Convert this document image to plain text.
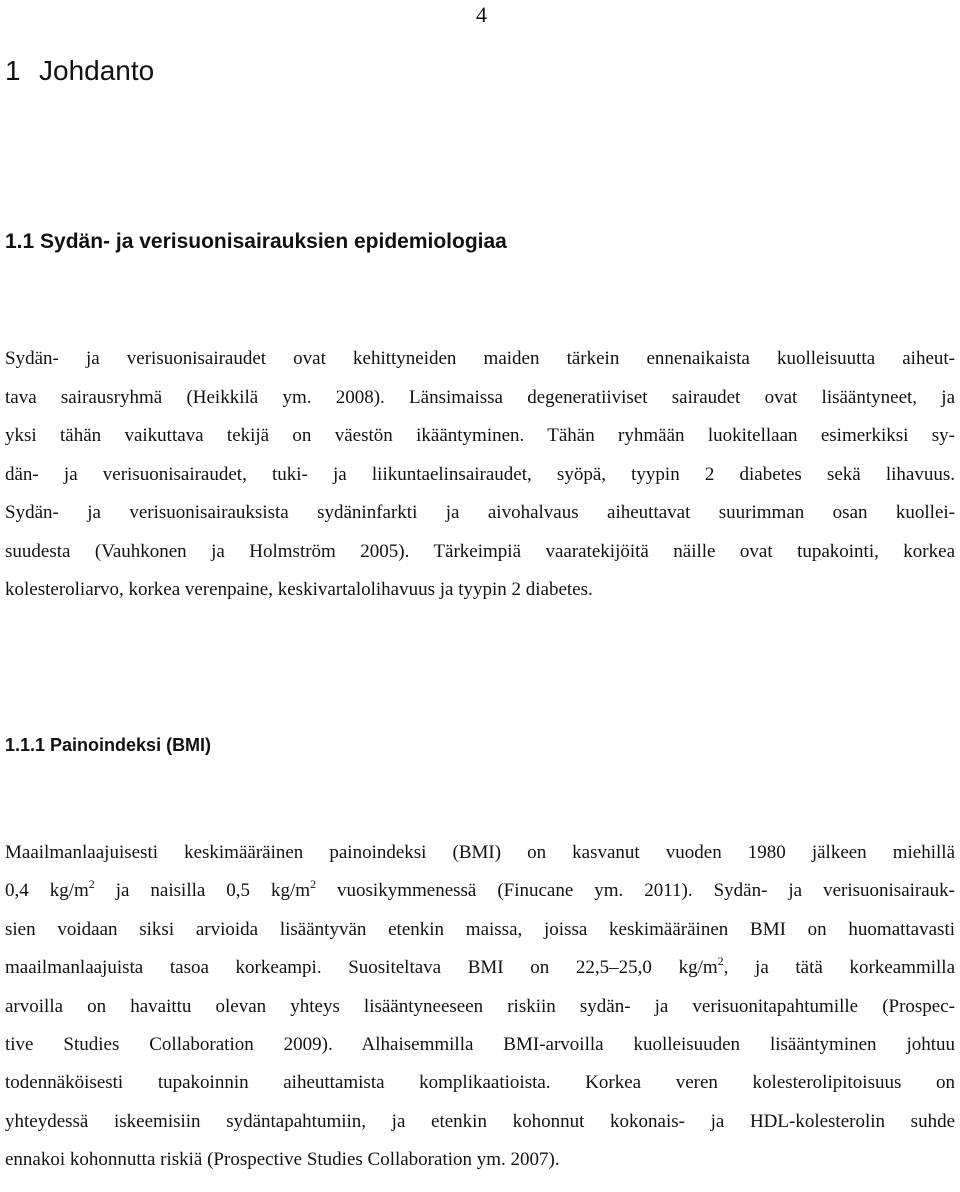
4
1 Johdanto
1.1 Sydän- ja verisuonisairauksien epidemiologiaa

Sydän- ja verisuonisairaudet ovat kehittyneiden maiden tärkein ennenaikaista kuolleisuutta aiheut-
tava sairausryhmä (Heikkilä ym. 2008). Länsimaissa degeneratiiviset sairaudet ovat lisääntyneet, ja
yksi tähän vaikuttava tekijä on väestön ikääntyminen. Tähän ryhmään luokitellaan esimerkiksi sy-
dän- ja verisuonisairaudet, tuki- ja liikuntaelinsairaudet, syöpä, tyypin 2 diabetes sekä lihavuus.
Sydän- ja verisuonisairauksista sydäninfarkti ja aivohalvaus aiheuttavat suurimman osan kuollei-
suudesta (Vauhkonen ja Holmström 2005). Tärkeimpiä vaaratekijöitä näille ovat tupakointi, korkea
kolesteroliarvo, korkea verenpaine, keskivartalolihavuus ja tyypin 2 diabetes.

1.1.1 Painoindeksi (BMI)

Maailmanlaajuisesti keskimääräinen painoindeksi (BMI) on kasvanut vuoden 1980 jälkeen miehillä
0,4 $kg/m^2$ ja naisilla 0,5 $kg/m^2$ vuosikymmenessä (Finucane ym. 2011). Sydän- ja verisuonisairauk-
sien voidaan siksi arvioida lisääntyvän etenkin maissa, joissa keskimääräinen BMI on huomattavasti
maailmanlaajuista tasoa korkeampi. Suositeltava BMI on 22,5–25,0 $kg/m^2$, ja tätä korkeammilla
arvoilla on havaittu olevan yhteys lisääntyneeseen riskiin sydän- ja verisuonitapahtumille (Prospec-
tive Studies Collaboration 2009). Alhaisemmilla BMI-arvoilla kuolleisuuden lisääntyminen johtuu
todennäköisesti tupakoinnin aiheuttamista komplikaatioista. Korkea veren kolesterolipitoisuus on
yhteydessä iskeemisiin sydäntapahtumiin, ja etenkin kohonnut kokonais- ja HDL-kolesterolin suhde
ennakoi kohonnutta riskiä (Prospective Studies Collaboration ym. 2007).
